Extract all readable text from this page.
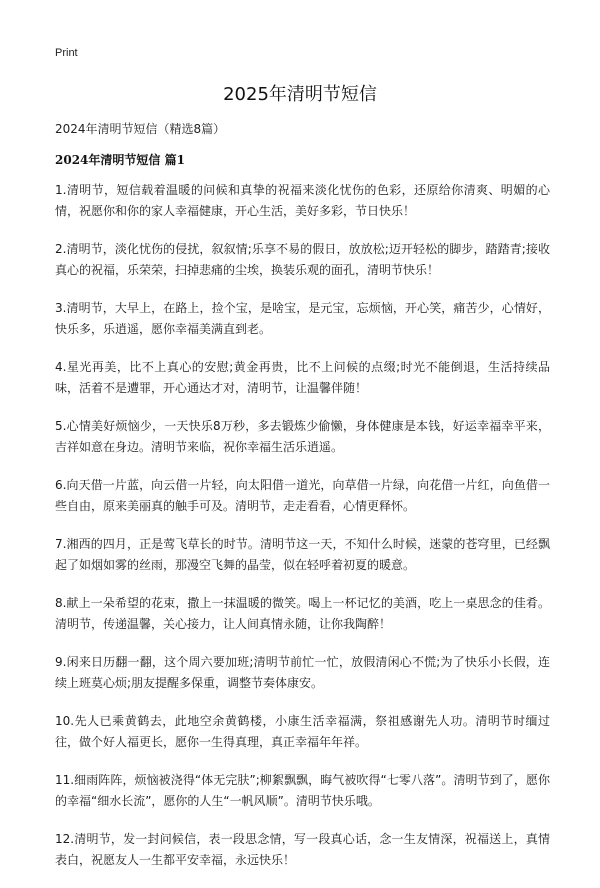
Print
2025年清明节短信

2024年清明节短信（精选8篇）

2024年清明节短信 篇1

1.清明节，短信载着温暖的问候和真挚的祝福来淡化忧伤的色彩，还原给你清爽、明媚的心情，祝愿你和你的家人幸福健康，开心生活，美好多彩，节日快乐！

2.清明节，淡化忧伤的侵扰，叙叙情;乐享不易的假日，放放松;迈开轻松的脚步，踏踏青;接收真心的祝福，乐荣荣，扫掉悲痛的尘埃，换装乐观的面孔，清明节快乐！

3.清明节，大早上，在路上，捡个宝，是啥宝，是元宝，忘烦恼，开心笑，痛苦少，心情好，快乐多，乐逍遥，愿你幸福美满直到老。

4.星光再美，比不上真心的安慰;黄金再贵，比不上问候的点缀;时光不能倒退，生活持续品味，活着不是遭罪，开心通达才对，清明节，让温馨伴随！

5.心情美好烦恼少，一天快乐8万秒，多去锻炼少偷懒，身体健康是本钱，好运幸福幸平来，吉祥如意在身边。清明节来临，祝你幸福生活乐逍遥。

6.向天借一片蓝，向云借一片轻，向太阳借一道光，向草借一片绿，向花借一片红，向鱼借一些自由，原来美丽真的触手可及。清明节，走走看看，心情更释怀。

7.湘西的四月，正是莺飞草长的时节。清明节这一天，不知什么时候，迷蒙的苍穹里，已经飘起了如烟如雾的丝雨，那漫空飞舞的晶莹，似在轻呼着初夏的暖意。

8.献上一朵希望的花束，撒上一抹温暖的微笑。喝上一杯记忆的美酒，吃上一桌思念的佳肴。清明节，传递温馨，关心接力，让人间真情永随，让你我陶醉！

9.闲来日历翻一翻，这个周六要加班;清明节前忙一忙，放假清闲心不慌;为了快乐小长假，连续上班莫心烦;朋友提醒多保重，调整节奏体康安。

10.先人已乘黄鹤去，此地空余黄鹤楼，小康生活幸福满，祭祖感谢先人功。清明节时缅过往，做个好人福更长，愿你一生得真理，真正幸福年年祥。

11.细雨阵阵，烦恼被浇得“体无完肤”;柳絮飘飘，晦气被吹得“七零八落”。清明节到了，愿你的幸福“细水长流”，愿你的人生“一帆风顺”。清明节快乐哦。

12.清明节，发一封问候信，表一段思念情，写一段真心话，念一生友情深，祝福送上，真情表白，祝愿友人一生都平安幸福，永远快乐！
